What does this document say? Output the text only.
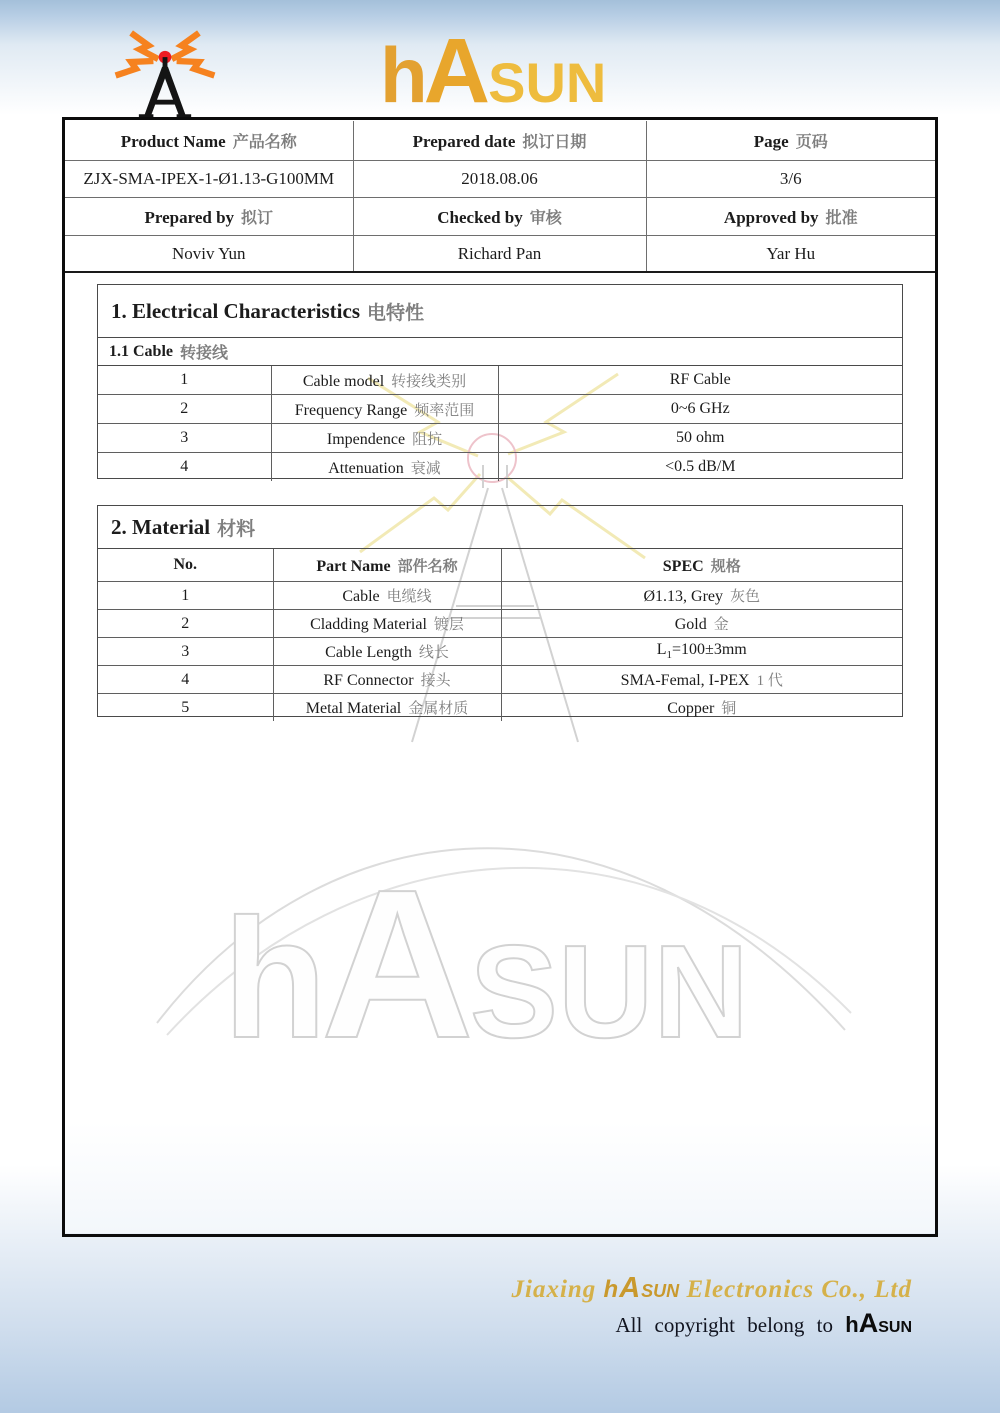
hASUN
hASUN
Product Name 产品名称	Prepared date 拟订日期	Page 页码
ZJX-SMA-IPEX-1-Ø1.13-G100MM	2018.08.06	3/6
Prepared by 拟订	Checked by 审核	Approved by 批准
Noviv Yun	Richard Pan	Yar Hu
1. Electrical Characteristics 电特性
1.1 Cable 转接线
1	Cable model 转接线类别	RF Cable
2	Frequency Range 频率范围	0~6 GHz
3	Impendence 阻抗	50 ohm
4	Attenuation 衰减	<0.5 dB/M
2. Material 材料
No.	Part Name 部件名称	SPEC 规格
1	Cable 电缆线	Ø1.13, Grey 灰色
2	Cladding Material 镀层	Gold 金
3	Cable Length 线长	$L_1=100\pm 3mm$
4	RF Connector 接头	SMA-Femal, I-PEX 1 代
5	Metal Material 金属材质	Copper 铜
Jiaxing hASUN Electronics Co., Ltd
All copyright belong to hASUN
